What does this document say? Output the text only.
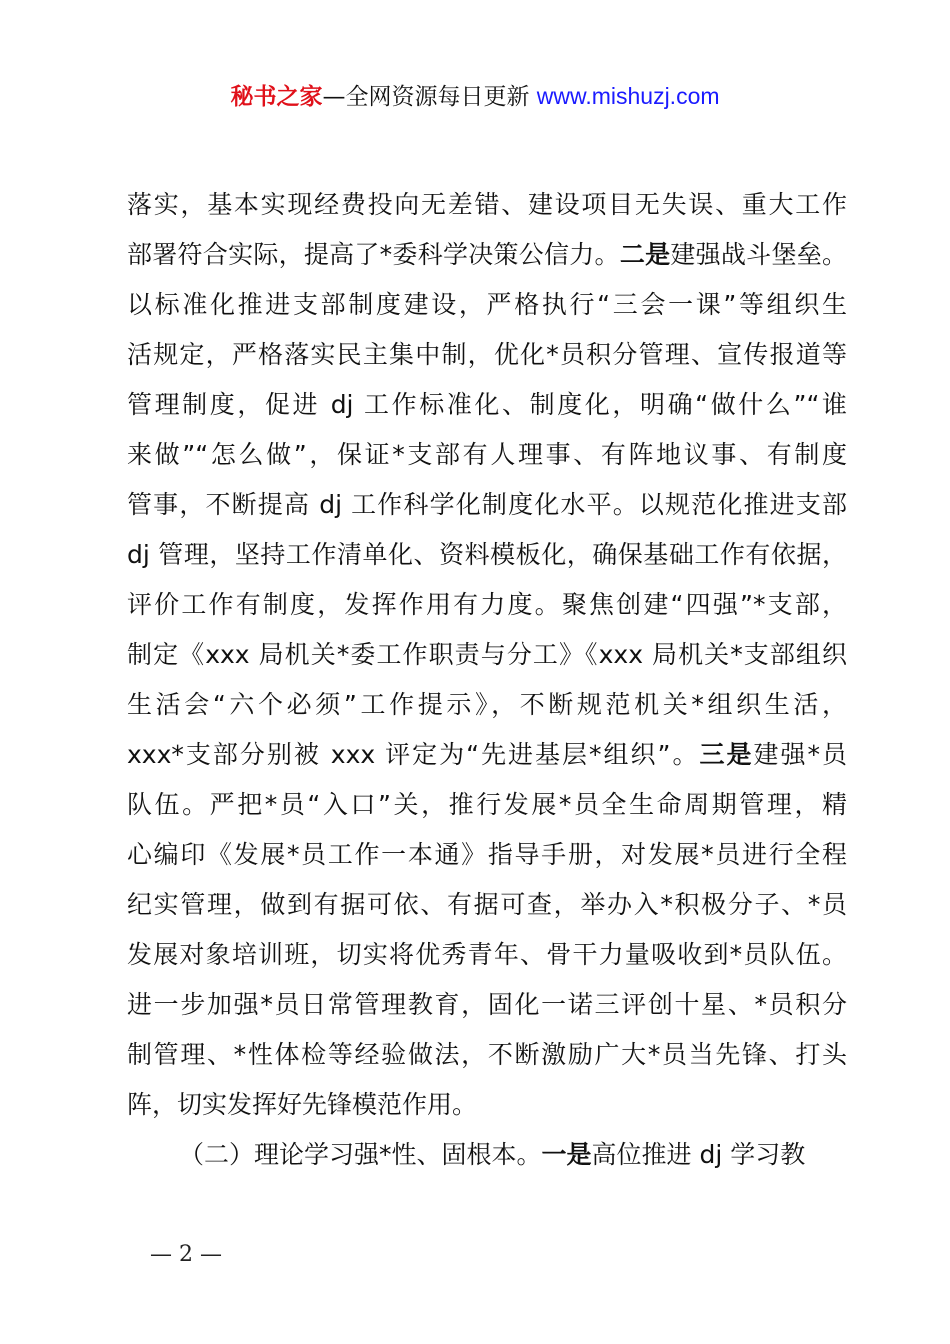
秘书之家—全网资源每日更新 www.mishuzj.com
落实，基本实现经费投向无差错、建设项目无失误、重大工作
部署符合实际，提高了*委科学决策公信力。二是建强战斗堡垒。
以标准化推进支部制度建设，严格执行“三会一课”等组织生
活规定，严格落实民主集中制，优化*员积分管理、宣传报道等
管理制度，促进 dj 工作标准化、制度化，明确“做什么”“谁
来做”“怎么做”，保证*支部有人理事、有阵地议事、有制度
管事，不断提高 dj 工作科学化制度化水平。以规范化推进支部
dj 管理，坚持工作清单化、资料模板化，确保基础工作有依据，
评价工作有制度，发挥作用有力度。聚焦创建“四强”*支部，
制定《xxx 局机关*委工作职责与分工》《xxx 局机关*支部组织
生活会“六个必须”工作提示》，不断规范机关*组织生活，
xxx*支部分别被 xxx 评定为“先进基层*组织”。三是建强*员
队伍。严把*员“入口”关，推行发展*员全生命周期管理，精
心编印《发展*员工作一本通》指导手册，对发展*员进行全程
纪实管理，做到有据可依、有据可查，举办入*积极分子、*员
发展对象培训班，切实将优秀青年、骨干力量吸收到*员队伍。
进一步加强*员日常管理教育，固化一诺三评创十星、*员积分
制管理、*性体检等经验做法，不断激励广大*员当先锋、打头
阵，切实发挥好先锋模范作用。
（二）理论学习强*性、固根本。一是高位推进 dj 学习教
— 2 —
